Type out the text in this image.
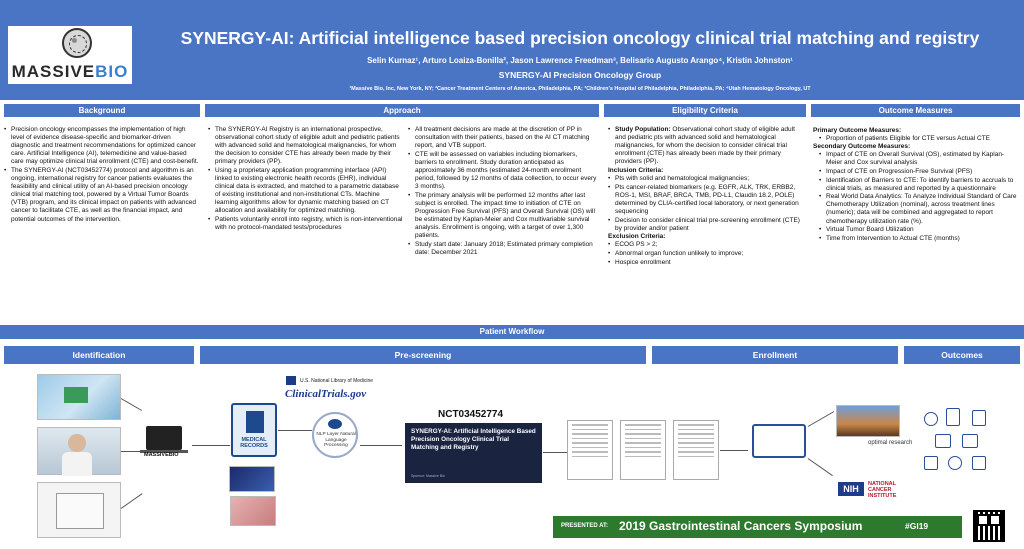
MASSIVEBIO
SYNERGY-AI: Artificial intelligence based precision oncology clinical trial matching and registry
Selin Kurnaz¹, Arturo Loaiza-Bonilla², Jason Lawrence Freedman³, Belisario Augusto Arango⁴, Kristin Johnston¹
SYNERGY-AI Precision Oncology Group
¹Massive Bio, Inc, New York, NY; ²Cancer Treatment Centers of America, Philadelphia, PA; ³Children's Hospital of Philadelphia, Philadelphia, PA; ⁴Utah Hematology Oncology, UT
Background	Approach	Eligibility Criteria	Outcome Measures
• Precision oncology encompasses the implementation of high level of evidence disease-specific and biomarker-driven diagnostic and treatment recommendations for optimized cancer care. Artificial Intelligence (AI), telemedicine and value-based care may optimize clinical trial enrollment (CTE) and cost-benefit.
• The SYNERGY-AI (NCT03452774) protocol and algorithm is an ongoing, international registry for cancer patients evaluates the feasibility and clinical utility of an AI-based precision oncology clinical trial matching tool, powered by a Virtual Tumor Boards (VTB) program, and its clinical impact on patients with advanced cancer to facilitate CTE, as well as the financial impact, and potential outcomes of the intervention.
• The SYNERGY-AI Registry is an international prospective, observational cohort study of eligible adult and pediatric patients with advanced solid and hematological malignancies, for whom the decision to consider CTE has already been made by their primary providers (PP).
• Using a proprietary application programming interface (API) linked to existing electronic health records (EHR), individual clinical data is extracted, and matched to a parametric database of existing institutional and non-institutional CTs. Machine learning algorithms allow for dynamic matching based on CT allocation and availability for optimized matching.
• Patients voluntarily enroll into registry, which is non-interventional with no protocol-mandated tests/procedures
• All treatment decisions are made at the discretion of PP in consultation with their patients, based on the AI CT matching report, and VTB support.
• CTE will be assessed on variables including biomarkers, barriers to enrollment. Study duration anticipated as approximately 36 months (estimated 24-month enrollment period, followed by 12 months of data collection, to occur every 3 months).
• The primary analysis will be performed 12 months after last subject is enrolled. The impact time to initiation of CTE on Progression Free Survival (PFS) and Overall Survival (OS) will be estimated by Kaplan-Meier and Cox multivariable survival analysis. Enrollment is ongoing, with a target of over 1,300 patients.
• Study start date: January 2018; Estimated primary completion date: December 2021
• Study Population: Observational cohort study of eligible adult and pediatric pts with advanced solid and hematological malignancies, for whom the decision to consider clinical trial enrollment (CTE) has already been made by their primary providers (PP).

Inclusion Criteria:

• Pts with solid and hematological malignancies;
• Pts cancer-related biomarkers (e.g. EGFR, ALK, TRK, ERBB2, ROS-1, MSI, BRAF, BRCA, TMB, PD-L1, Claudin 18.2, POLE) determined by CLIA-certified local laboratory, or next generation sequencing
• Decision to consider clinical trial pre-screening enrollment (CTE) by provider and/or patient

Exclusion Criteria:

• ECOG PS > 2;
• Abnormal organ function unlikely to improve;
• Hospice enrollment

Primary Outcome Measures:

• Proportion of patients Eligible for CTE versus Actual CTE

Secondary Outcome Measures:

• Impact of CTE on Overall Survival (OS), estimated by Kaplan-Meier and Cox survival analysis
• Impact of CTE on Progression-Free Survival (PFS)
• Identification of Barriers to CTE: To identify barriers to accruals to clinical trials, as measured and reported by a questionnaire
• Real World Data Analytics: To Analyze Individual Standard of Care Chemotherapy Utilization (nominal), across treatment lines (numeric); data will be combined and aggregated to report chemotherapy utilization rate (%).
• Virtual Tumor Board Utilization
• Time from Intervention to Actual CTE (months)
Patient Workflow
Identification	Pre-screening	Enrollment	Outcomes
MASSIVEBIO
U.S. National Library of Medicine
ClinicalTrials.gov
MEDICAL RECORDS
NLP Layer Natural Language Processing
NCT03452774
SYNERGY-AI: Artificial Intelligence Based Precision Oncology Clinical Trial Matching and Registry
Sponsor: Massive Bio
optimal research
NIH	NATIONAL CANCER INSTITUTE
PRESENTED AT: 2019 Gastrointestinal Cancers Symposium	#GI19
